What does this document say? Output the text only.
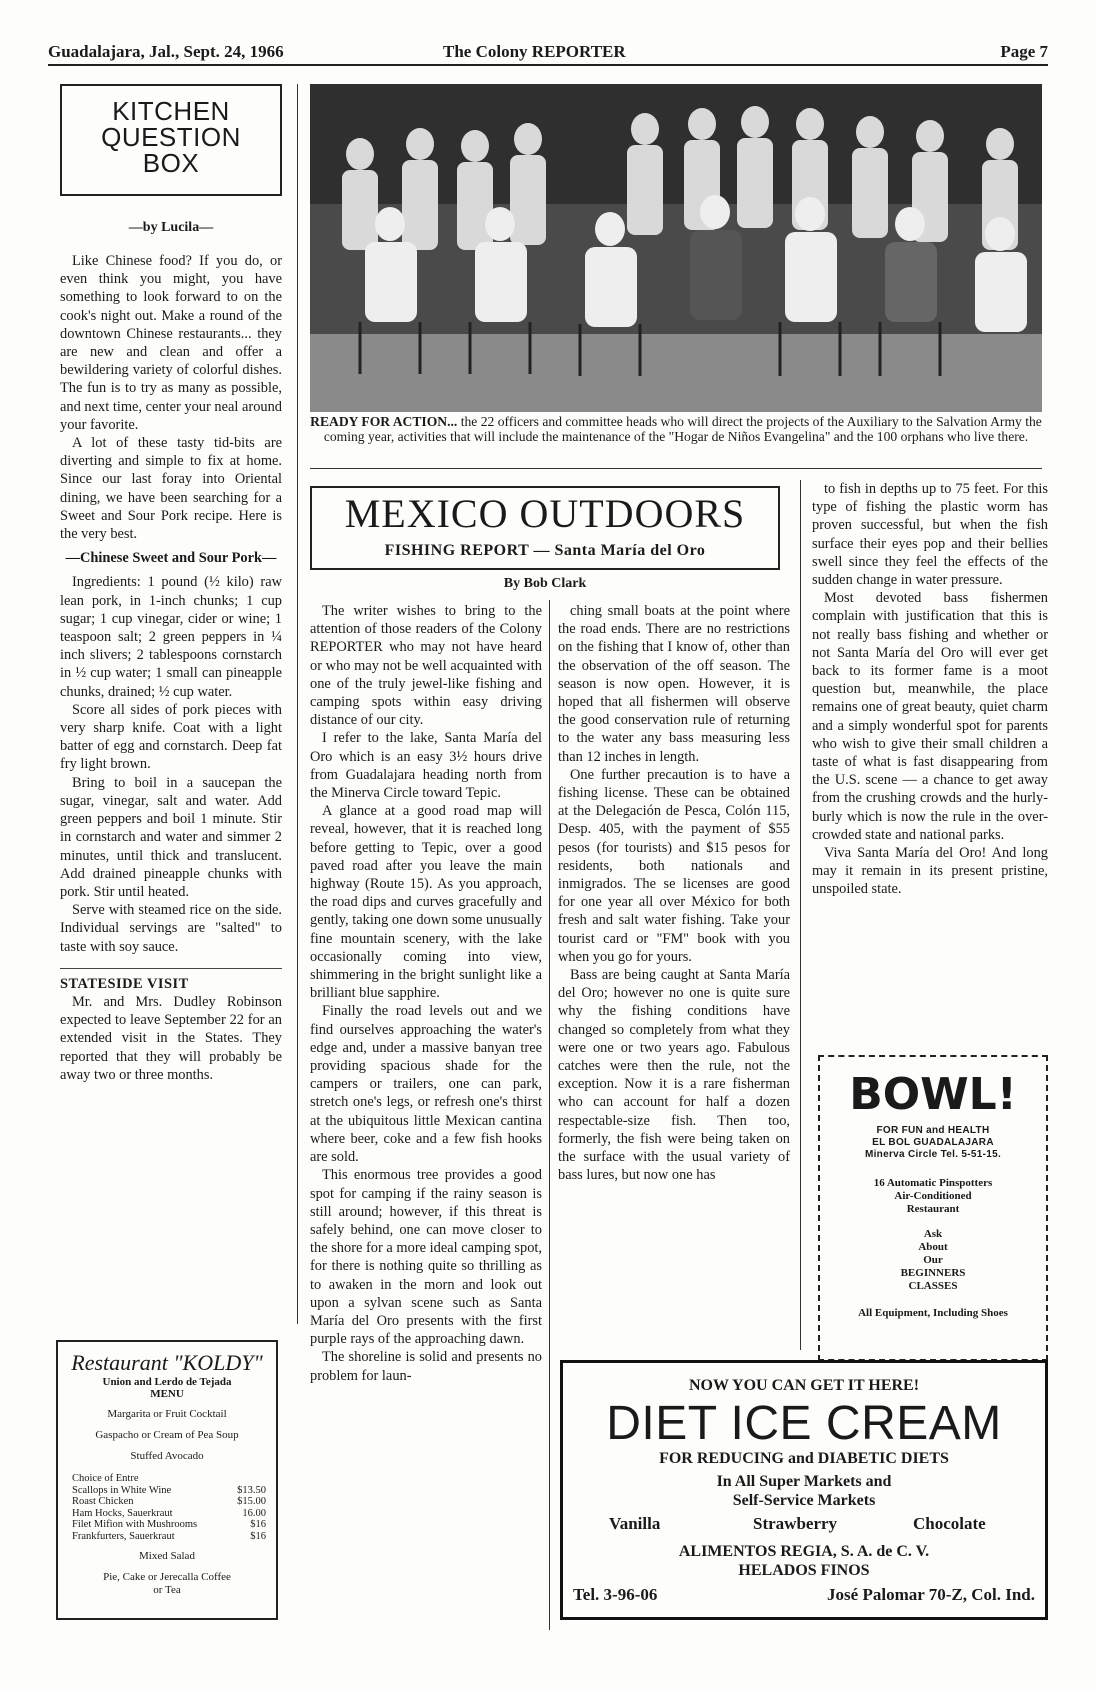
Guadalajara, Jal., Sept. 24, 1966	The Colony REPORTER	Page 7
KITCHEN
QUESTION
BOX
—by Lucila—

Like Chinese food? If you do, or even think you might, you have something to look forward to on the cook's night out. Make a round of the downtown Chinese restaurants... they are new and clean and offer a bewildering variety of colorful dishes. The fun is to try as many as possible, and next time, center your neal around your favorite.

A lot of these tasty tid-bits are diverting and simple to fix at home. Since our last foray into Oriental dining, we have been searching for a Sweet and Sour Pork recipe. Here is the very best.

—Chinese Sweet and Sour Pork—

Ingredients: 1 pound (½ kilo) raw lean pork, in 1-inch chunks; 1 cup sugar; 1 cup vinegar, cider or wine; 1 teaspoon salt; 2 green peppers in ¼ inch slivers; 2 tablespoons cornstarch in ½ cup water; 1 small can pineapple chunks, drained; ½ cup water.

Score all sides of pork pieces with very sharp knife. Coat with a light batter of egg and cornstarch. Deep fat fry light brown.

Bring to boil in a saucepan the sugar, vinegar, salt and water. Add green peppers and boil 1 minute. Stir in cornstarch and water and simmer 2 minutes, until thick and translucent. Add drained pineapple chunks with pork. Stir until heated.

Serve with steamed rice on the side. Individual servings are "salted" to taste with soy sauce.

STATESIDE VISIT

Mr. and Mrs. Dudley Robinson expected to leave September 22 for an extended visit in the States. They reported that they will probably be away two or three months.

Restaurant "KOLDY"
Union and Lerdo de Tejada
MENU
Margarita or Fruit Cocktail
Gaspacho or Cream of Pea Soup
Stuffed Avocado
Choice of Entre
Scallops in White Wine	$13.50
Roast Chicken	$15.00
Ham Hocks, Sauerkraut	16.00
Filet Mifion with Mushrooms	$16
Frankfurters, Sauerkraut	$16
Mixed Salad
Pie, Cake or Jerecalla Coffee or Tea
READY FOR ACTION... the 22 officers and committee heads who will direct the projects of the Auxiliary to the Salvation Army the coming year, activities that will include the maintenance of the "Hogar de Niños Evangelina" and the 100 orphans who live there.
MEXICO OUTDOORS
FISHING REPORT — Santa María del Oro
By Bob Clark

The writer wishes to bring to the attention of those readers of the Colony REPORTER who may not have heard or who may not be well acquainted with one of the truly jewel-like fishing and camping spots within easy driving distance of our city.

I refer to the lake, Santa María del Oro which is an easy 3½ hours drive from Guadalajara heading north from the Minerva Circle toward Tepic.

A glance at a good road map will reveal, however, that it is reached long before getting to Tepic, over a good paved road after you leave the main highway (Route 15). As you approach, the road dips and curves gracefully and gently, taking one down some unusually fine mountain scenery, with the lake occasionally coming into view, shimmering in the bright sunlight like a brilliant blue sapphire.

Finally the road levels out and we find ourselves approaching the water's edge and, under a massive banyan tree providing spacious shade for the campers or trailers, one can park, stretch one's legs, or refresh one's thirst at the ubiquitous little Mexican cantina where beer, coke and a few fish hooks are sold.

This enormous tree provides a good spot for camping if the rainy season is still around; however, if this threat is safely behind, one can move closer to the shore for a more ideal camping spot, for there is nothing quite so thrilling as to awaken in the morn and look out upon a sylvan scene such as Santa María del Oro presents with the first purple rays of the approaching dawn.

The shoreline is solid and presents no problem for laun-

ching small boats at the point where the road ends. There are no restrictions on the fishing that I know of, other than the observation of the off season. The season is now open. However, it is hoped that all fishermen will observe the good conservation rule of returning to the water any bass measuring less than 12 inches in length.

One further precaution is to have a fishing license. These can be obtained at the Delegación de Pesca, Colón 115, Desp. 405, with the payment of $55 pesos (for tourists) and $15 pesos for residents, both nationals and inmigrados. The se licenses are good for one year all over México for both fresh and salt water fishing. Take your tourist card or "FM" book with you when you go for yours.

Bass are being caught at Santa María del Oro; however no one is quite sure why the fishing conditions have changed so completely from what they were one or two years ago. Fabulous catches were then the rule, not the exception. Now it is a rare fisherman who can account for half a dozen respectable-size fish. Then too, formerly, the fish were being taken on the surface with the usual variety of bass lures, but now one has

to fish in depths up to 75 feet. For this type of fishing the plastic worm has proven successful, but when the fish surface their eyes pop and their bellies swell since they feel the effects of the sudden change in water pressure.

Most devoted bass fishermen complain with justification that this is not really bass fishing and whether or not Santa María del Oro will ever get back to its former fame is a moot question but, meanwhile, the place remains one of great beauty, quiet charm and a simply wonderful spot for parents who wish to give their small children a taste of what is fast disappearing from the U.S. scene — a chance to get away from the crushing crowds and the hurly-burly which is now the rule in the over-crowded state and national parks.

Viva Santa María del Oro! And long may it remain in its present pristine, unspoiled state.

BOWL!
FOR FUN and HEALTH
EL BOL GUADALAJARA
Minerva Circle Tel. 5-51-15.
16 Automatic Pinspotters
Air-Conditioned
Restaurant
Ask
About
Our
BEGINNERS
CLASSES
All Equipment, Including Shoes
NOW YOU CAN GET IT HERE!
DIET ICE CREAM
FOR REDUCING and DIABETIC DIETS
In All Super Markets and
Self-Service Markets
Vanilla	Strawberry	Chocolate
ALIMENTOS REGIA, S. A. de C. V.
HELADOS FINOS
Tel. 3-96-06	José Palomar 70-Z, Col. Ind.
